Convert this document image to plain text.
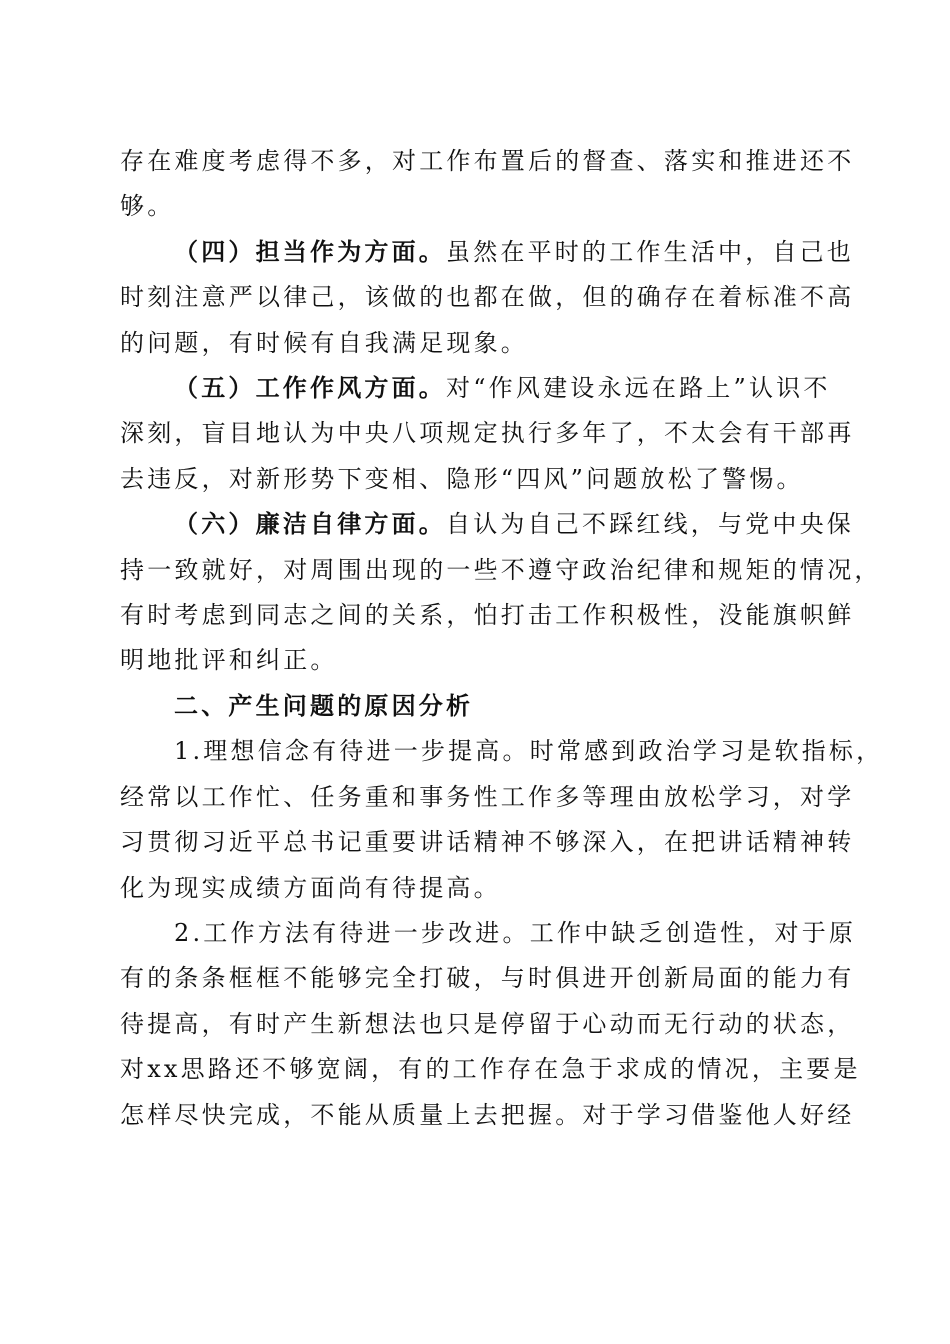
存在难度考虑得不多，对工作布置后的督查、落实和推进还不
够。

（四）担当作为方面。虽然在平时的工作生活中，自己也
时刻注意严以律己，该做的也都在做，但的确存在着标准不高
的问题，有时候有自我满足现象。

（五）工作作风方面。对“作风建设永远在路上”认识不
深刻，盲目地认为中央八项规定执行多年了，不太会有干部再
去违反，对新形势下变相、隐形“四风”问题放松了警惕。

（六）廉洁自律方面。自认为自己不踩红线，与党中央保
持一致就好，对周围出现的一些不遵守政治纪律和规矩的情况，
有时考虑到同志之间的关系，怕打击工作积极性，没能旗帜鲜
明地批评和纠正。

二、产生问题的原因分析

1.理想信念有待进一步提高。时常感到政治学习是软指标，
经常以工作忙、任务重和事务性工作多等理由放松学习，对学
习贯彻习近平总书记重要讲话精神不够深入，在把讲话精神转
化为现实成绩方面尚有待提高。

2.工作方法有待进一步改进。工作中缺乏创造性，对于原
有的条条框框不能够完全打破，与时俱进开创新局面的能力有
待提高，有时产生新想法也只是停留于心动而无行动的状态，
对xx思路还不够宽阔，有的工作存在急于求成的情况，主要是
怎样尽快完成，不能从质量上去把握。对于学习借鉴他人好经
